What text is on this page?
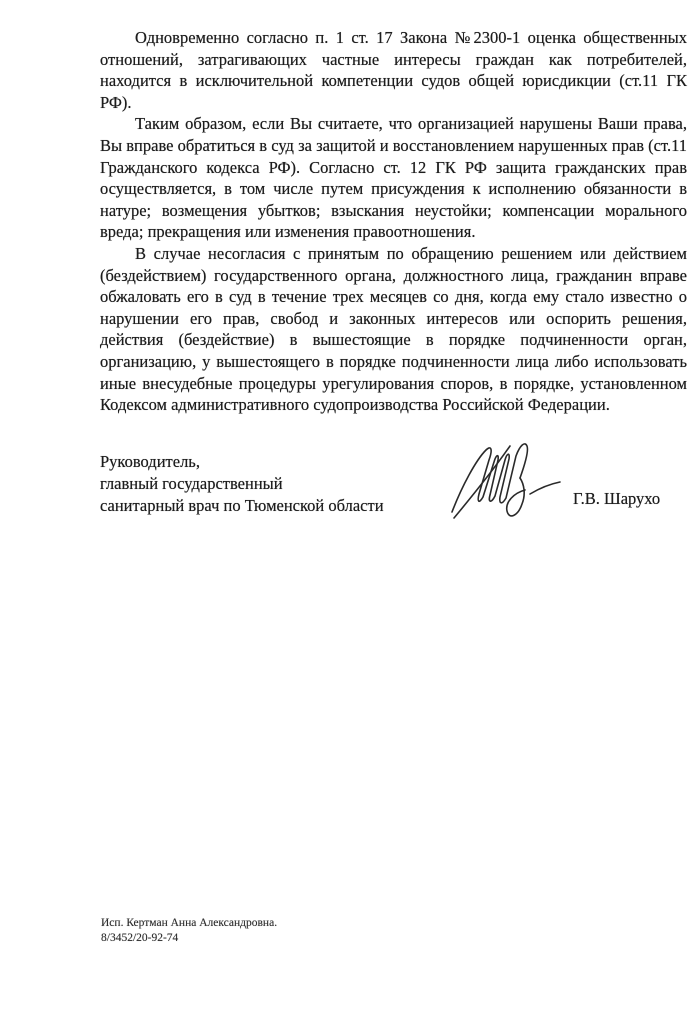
Одновременно согласно п. 1 ст. 17 Закона №2300-1 оценка общественных отношений, затрагивающих частные интересы граждан как потребителей, находится в исключительной компетенции судов общей юрисдикции (ст.11 ГК РФ).

Таким образом, если Вы считаете, что организацией нарушены Ваши права, Вы вправе обратиться в суд за защитой и восстановлением нарушенных прав (ст.11 Гражданского кодекса РФ). Согласно ст. 12 ГК РФ защита гражданских прав осуществляется, в том числе путем присуждения к исполнению обязанности в натуре; возмещения убытков; взыскания неустойки; компенсации морального вреда; прекращения или изменения правоотношения.

В случае несогласия с принятым по обращению решением или действием (бездействием) государственного органа, должностного лица, гражданин вправе обжаловать его в суд в течение трех месяцев со дня, когда ему стало известно о нарушении его прав, свобод и законных интересов или оспорить решения, действия (бездействие) в вышестоящие в порядке подчиненности орган, организацию, у вышестоящего в порядке подчиненности лица либо использовать иные внесудебные процедуры урегулирования споров, в порядке, установленном Кодексом административного судопроизводства Российской Федерации.

Руководитель,
главный государственный
санитарный врач по Тюменской области	Г.В. Шарухо
Исп. Кертман Анна Александровна.
8/3452/20-92-74
